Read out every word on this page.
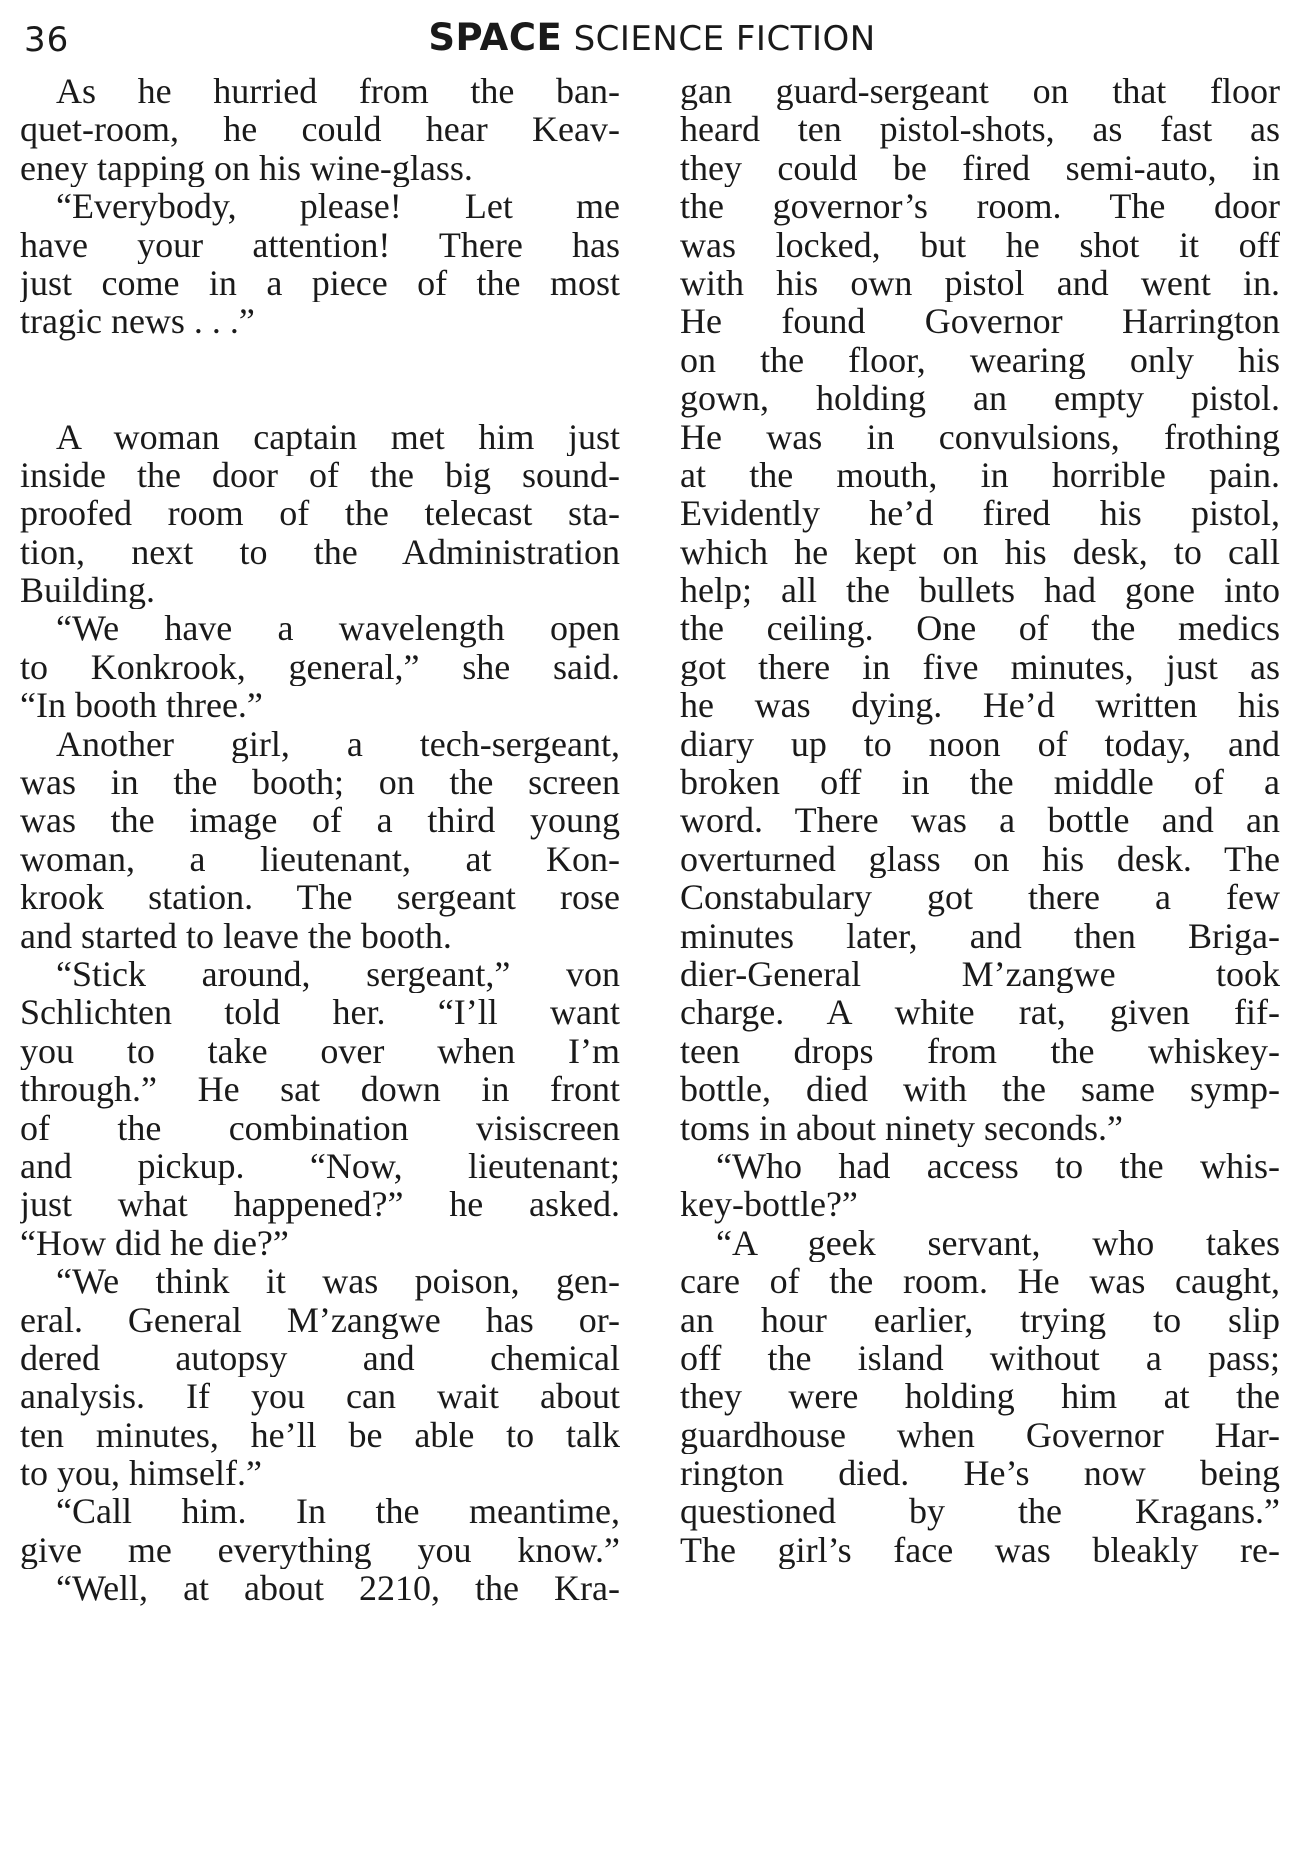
36	SPACE SCIENCE FICTION
As he hurried from the ban-
quet-room, he could hear Keav-
eney tapping on his wine-glass.
“Everybody, please! Let me
have your attention! There has
just come in a piece of the most
tragic news . . .”
A woman captain met him just
inside the door of the big sound-
proofed room of the telecast sta-
tion, next to the Administration
Building.
“We have a wavelength open
to Konkrook, general,” she said.
“In booth three.”
Another girl, a tech-sergeant,
was in the booth; on the screen
was the image of a third young
woman, a lieutenant, at Kon-
krook station. The sergeant rose
and started to leave the booth.
“Stick around, sergeant,” von
Schlichten told her. “I’ll want
you to take over when I’m
through.” He sat down in front
of the combination visiscreen
and pickup. “Now, lieutenant;
just what happened?” he asked.
“How did he die?”
“We think it was poison, gen-
eral. General M’zangwe has or-
dered autopsy and chemical
analysis. If you can wait about
ten minutes, he’ll be able to talk
to you, himself.”
“Call him. In the meantime,
give me everything you know.”
“Well, at about 2210, the Kra-
gan guard-sergeant on that floor
heard ten pistol-shots, as fast as
they could be fired semi-auto, in
the governor’s room. The door
was locked, but he shot it off
with his own pistol and went in.
He found Governor Harrington
on the floor, wearing only his
gown, holding an empty pistol.
He was in convulsions, frothing
at the mouth, in horrible pain.
Evidently he’d fired his pistol,
which he kept on his desk, to call
help; all the bullets had gone into
the ceiling. One of the medics
got there in five minutes, just as
he was dying. He’d written his
diary up to noon of today, and
broken off in the middle of a
word. There was a bottle and an
overturned glass on his desk. The
Constabulary got there a few
minutes later, and then Briga-
dier-General M’zangwe took
charge. A white rat, given fif-
teen drops from the whiskey-
bottle, died with the same symp-
toms in about ninety seconds.”
“Who had access to the whis-
key-bottle?”
“A geek servant, who takes
care of the room. He was caught,
an hour earlier, trying to slip
off the island without a pass;
they were holding him at the
guardhouse when Governor Har-
rington died. He’s now being
questioned by the Kragans.”
The girl’s face was bleakly re-
